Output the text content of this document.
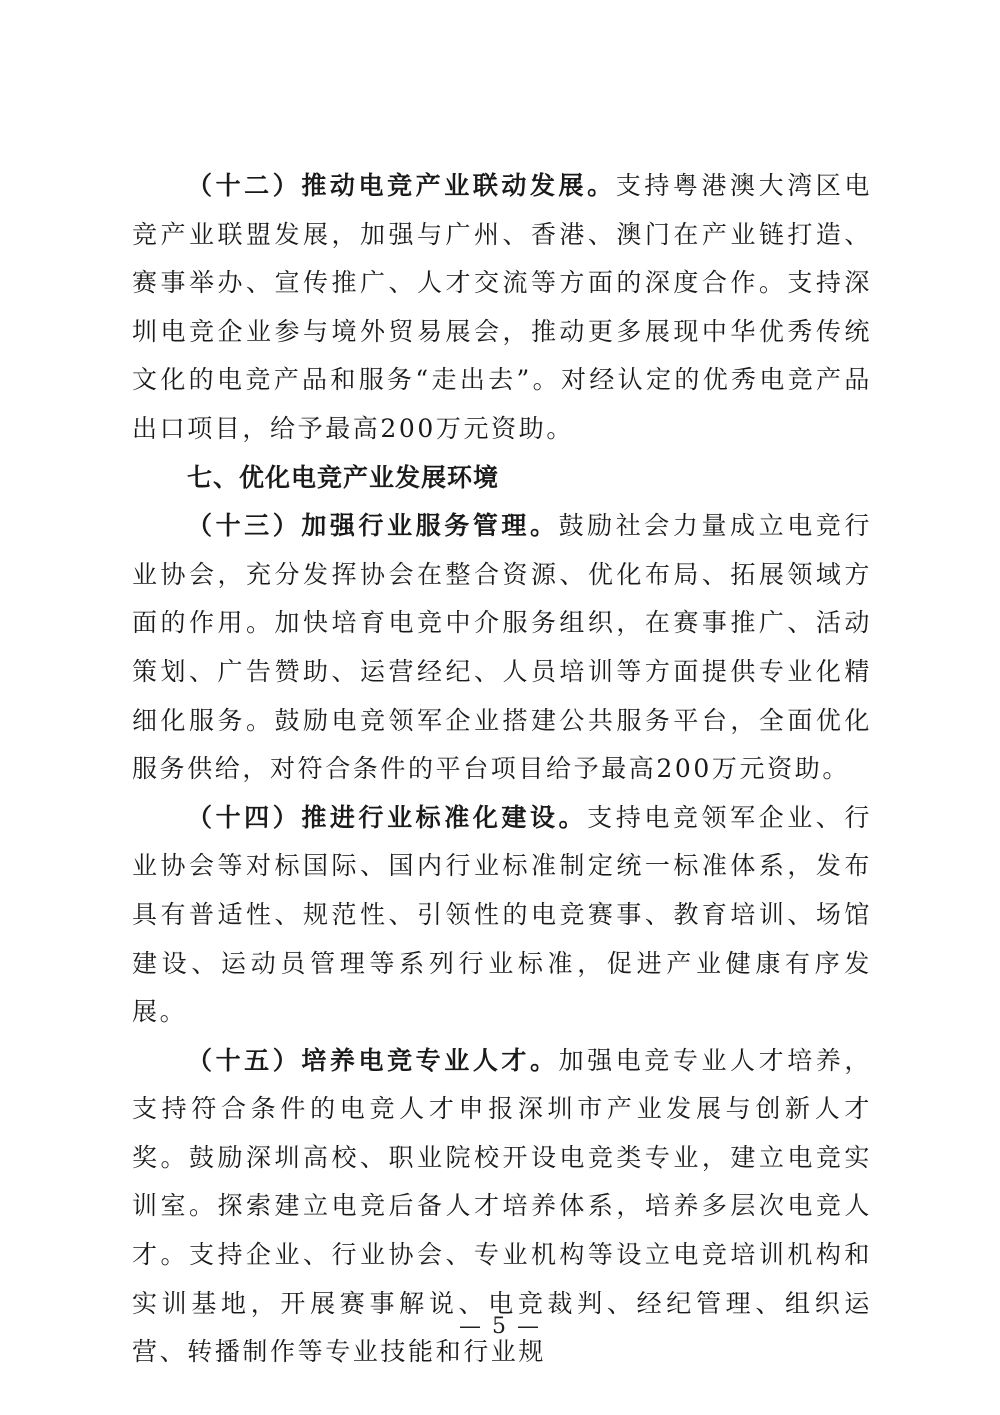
（十二）推动电竞产业联动发展。支持粤港澳大湾区电竞产业联盟发展，加强与广州、香港、澳门在产业链打造、赛事举办、宣传推广、人才交流等方面的深度合作。支持深圳电竞企业参与境外贸易展会，推动更多展现中华优秀传统文化的电竞产品和服务“走出去”。对经认定的优秀电竞产品出口项目，给予最高200万元资助。

七、优化电竞产业发展环境

（十三）加强行业服务管理。鼓励社会力量成立电竞行业协会，充分发挥协会在整合资源、优化布局、拓展领域方面的作用。加快培育电竞中介服务组织，在赛事推广、活动策划、广告赞助、运营经纪、人员培训等方面提供专业化精细化服务。鼓励电竞领军企业搭建公共服务平台，全面优化服务供给，对符合条件的平台项目给予最高200万元资助。

（十四）推进行业标准化建设。支持电竞领军企业、行业协会等对标国际、国内行业标准制定统一标准体系，发布具有普适性、规范性、引领性的电竞赛事、教育培训、场馆建设、运动员管理等系列行业标准，促进产业健康有序发展。

（十五）培养电竞专业人才。加强电竞专业人才培养，支持符合条件的电竞人才申报深圳市产业发展与创新人才奖。鼓励深圳高校、职业院校开设电竞类专业，建立电竞实训室。探索建立电竞后备人才培养体系，培养多层次电竞人才。支持企业、行业协会、专业机构等设立电竞培训机构和实训基地，开展赛事解说、电竞裁判、经纪管理、组织运营、转播制作等专业技能和行业规

— 5 —
